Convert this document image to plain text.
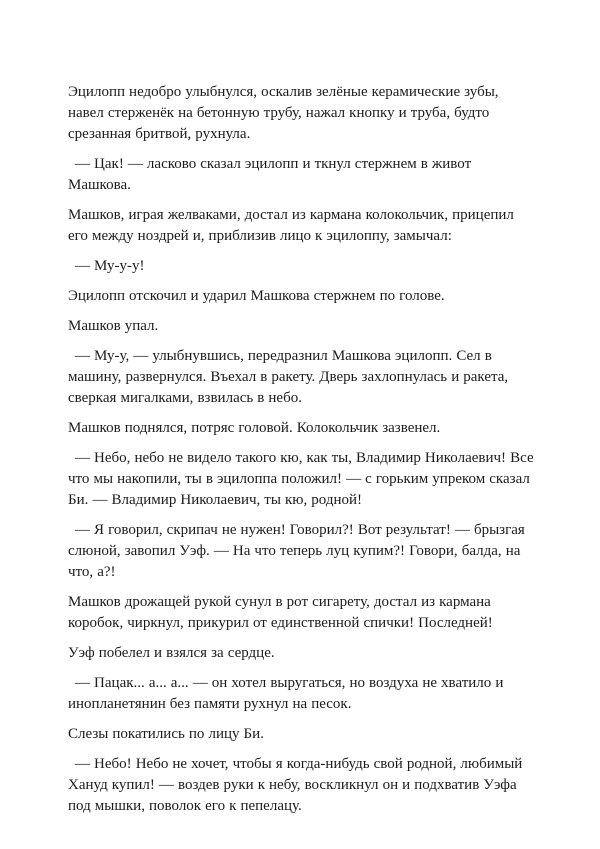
Эцилопп недобро улыбнулся, оскалив зелёные керамические зубы, навел стерженёк на бетонную трубу, нажал кнопку и труба, будто срезанная бритвой, рухнула.

— Цак! — ласково сказал эцилопп и ткнул стержнем в живот Машкова.

Машков, играя желваками, достал из кармана колокольчик, прицепил его между ноздрей и, приблизив лицо к эцилоппу, замычал:

— Му-у-у!

Эцилопп отскочил и ударил Машкова стержнем по голове.

Машков упал.

— Му-у, — улыбнувшись, передразнил Машкова эцилопп. Сел в машину, развернулся. Въехал в ракету. Дверь захлопнулась и ракета, сверкая мигалками, взвилась в небо.

Машков поднялся, потряс головой. Колокольчик зазвенел.

— Небо, небо не видело такого кю, как ты, Владимир Николаевич! Все что мы накопили, ты в эцилоппа положил! — с горьким упреком сказал Би. — Владимир Николаевич, ты кю, родной!

— Я говорил, скрипач не нужен! Говорил?! Вот результат! — брызгая слюной, завопил Уэф. — На что теперь луц купим?! Говори, балда, на что, а?!

Машков дрожащей рукой сунул в рот сигарету, достал из кармана коробок, чиркнул, прикурил от единственной спички! Последней!

Уэф побелел и взялся за сердце.

— Пацак... а... а... — он хотел выругаться, но воздуха не хватило и инопланетянин без памяти рухнул на песок.

Слезы покатились по лицу Би.

— Небо! Небо не хочет, чтобы я когда-нибудь свой родной, любимый Хануд купил! — воздев руки к небу, воскликнул он и подхватив Уэфа под мышки, поволок его к пепелацу.
